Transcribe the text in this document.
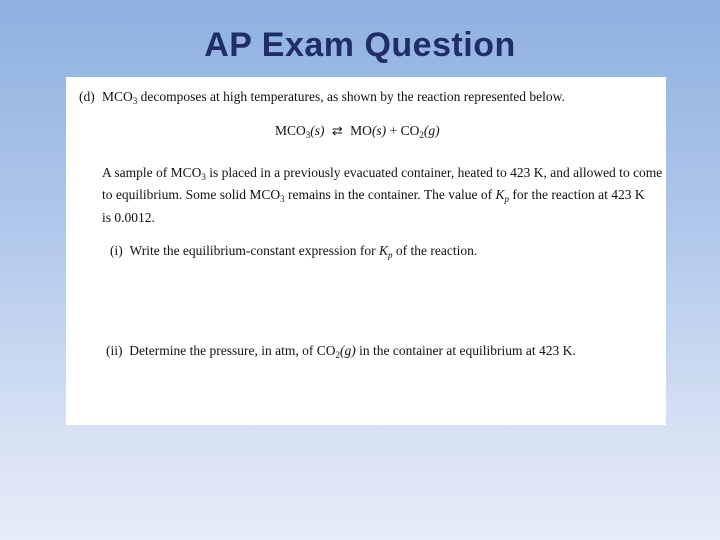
AP Exam Question
(d) $MCO_3$ decomposes at high temperatures, as shown by the reaction represented below.
$MCO_3(s)$ ⇄ $MO(s) + CO_2(g)$
A sample of $MCO_3$ is placed in a previously evacuated container, heated to 423 K, and allowed to come
to equilibrium. Some solid $MCO_3$ remains in the container. The value of $K_p$ for the reaction at 423 K
is 0.0012.
(i) Write the equilibrium-constant expression for $K_p$ of the reaction.
(ii) Determine the pressure, in atm, of $CO_2(g)$ in the container at equilibrium at 423 K.
